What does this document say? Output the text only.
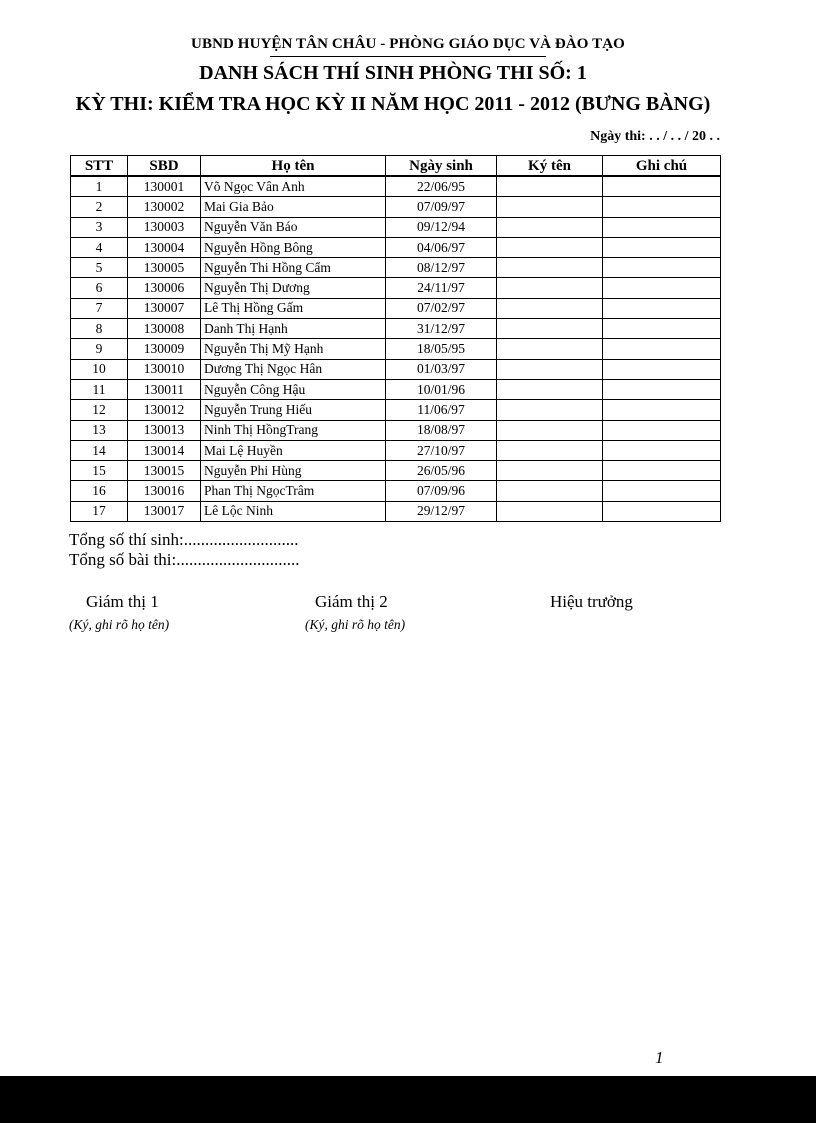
UBND HUYỆN TÂN CHÂU - PHÒNG GIÁO DỤC VÀ ĐÀO TẠO
DANH SÁCH THÍ SINH PHÒNG THI SỐ: 1
KỲ THI: KIỂM TRA HỌC KỲ II NĂM HỌC 2011 - 2012 (BƯNG BÀNG)
Ngày thi: . . / . . / 20 . .
STT	SBD	Họ tên	Ngày sinh	Ký tên	Ghi chú
1	130001	Võ Ngọc Vân Anh	22/06/95		
2	130002	Mai Gia Bảo	07/09/97		
3	130003	Nguyễn Văn Báo	09/12/94		
4	130004	Nguyễn Hồng Bông	04/06/97		
5	130005	Nguyễn Thi Hồng Cẩm	08/12/97		
6	130006	Nguyễn Thị Dương	24/11/97		
7	130007	Lê Thị Hồng Gấm	07/02/97		
8	130008	Danh Thị Hạnh	31/12/97		
9	130009	Nguyễn Thị Mỹ Hạnh	18/05/95		
10	130010	Dương Thị Ngọc Hân	01/03/97		
11	130011	Nguyễn Công Hậu	10/01/96		
12	130012	Nguyễn Trung Hiếu	11/06/97		
13	130013	Ninh Thị HồngTrang	18/08/97		
14	130014	Mai Lệ Huyền	27/10/97		
15	130015	Nguyễn Phi Hùng	26/05/96		
16	130016	Phan Thị NgọcTrâm	07/09/96		
17	130017	Lê Lộc Ninh	29/12/97		
Tổng số thí sinh:...........................
Tổng số bài thi:.............................
Giám thị 1
(Ký, ghi rõ họ tên)
Giám thị 2
(Ký, ghi rõ họ tên)
Hiệu trưởng
1
